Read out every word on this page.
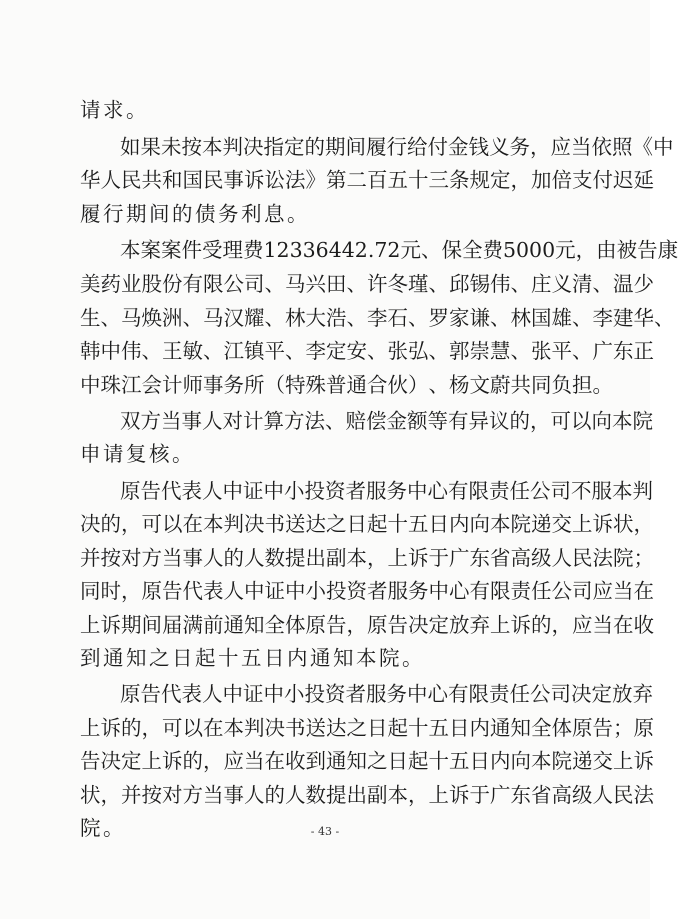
请求。
如 果 未 按 本 判 决 指 定 的 期 间 履 行 给 付 金 钱 义 务 ， 应 当 依 照 《 中
华 人 民 共 和 国 民 事 诉 讼 法 》 第 二 百 五 十 三 条 规 定 ， 加 倍 支 付 迟 延
履行期间的债务利息。
本 案 案 件 受 理 费 12336442.72 元 、 保 全 费 5000 元 ， 由 被 告 康
美 药 业 股 份 有 限 公 司 、 马 兴 田 、 许 冬 瑾 、 邱 锡 伟 、 庄 义 清 、 温 少
生 、 马 焕 洲 、 马 汉 耀 、 林 大 浩 、 李 石 、 罗 家 谦 、 林 国 雄 、 李 建 华 、
韩 中 伟 、 王 敏 、 江 镇 平 、 李 定 安 、 张 弘 、 郭 崇 慧 、 张 平 、 广 东 正
中 珠 江 会 计 师 事 务 所 （ 特 殊 普 通 合 伙 ） 、 杨 文 蔚 共 同 负 担 。
双 方 当 事 人 对 计 算 方 法 、 赔 偿 金 额 等 有 异 议 的 ， 可 以 向 本 院
申请复核。
原 告 代 表 人 中 证 中 小 投 资 者 服 务 中 心 有 限 责 任 公 司 不 服 本 判
决 的 ， 可 以 在 本 判 决 书 送 达 之 日 起 十 五 日 内 向 本 院 递 交 上 诉 状 ，
并 按 对 方 当 事 人 的 人 数 提 出 副 本 ， 上 诉 于 广 东 省 高 级 人 民 法 院 ；
同 时 ， 原 告 代 表 人 中 证 中 小 投 资 者 服 务 中 心 有 限 责 任 公 司 应 当 在
上 诉 期 间 届 满 前 通 知 全 体 原 告 ， 原 告 决 定 放 弃 上 诉 的 ， 应 当 在 收
到通知之日起十五日内通知本院。
原 告 代 表 人 中 证 中 小 投 资 者 服 务 中 心 有 限 责 任 公 司 决 定 放 弃
上 诉 的 ， 可 以 在 本 判 决 书 送 达 之 日 起 十 五 日 内 通 知 全 体 原 告 ； 原
告 决 定 上 诉 的 ， 应 当 在 收 到 通 知 之 日 起 十 五 日 内 向 本 院 递 交 上 诉
状 ， 并 按 对 方 当 事 人 的 人 数 提 出 副 本 ， 上 诉 于 广 东 省 高 级 人 民 法
院。	- 43 -
